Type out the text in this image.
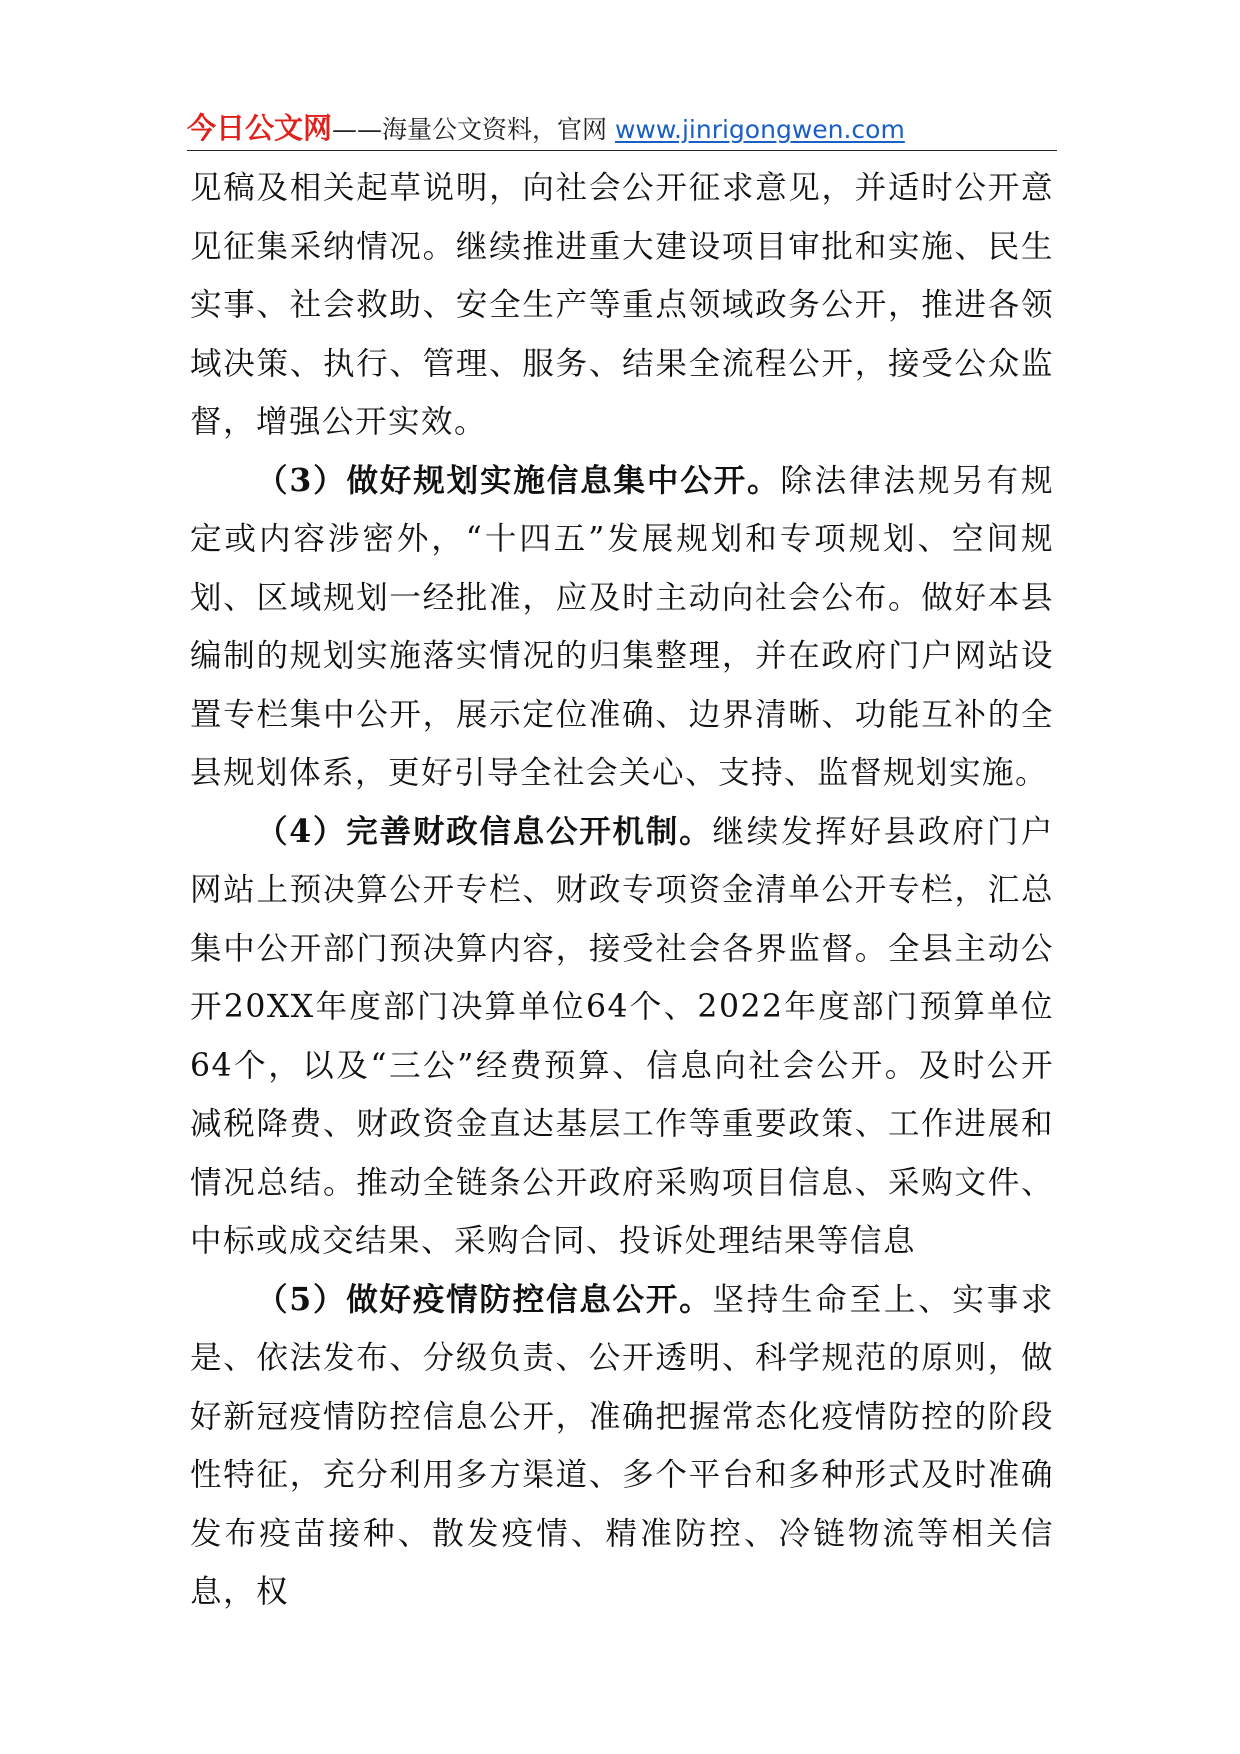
今日公文网——海量公文资料，官网 www.jinrigongwen.com

见稿及相关起草说明，向社会公开征求意见，并适时公开意见征集采纳情况。继续推进重大建设项目审批和实施、民生实事、社会救助、安全生产等重点领域政务公开，推进各领域决策、执行、管理、服务、结果全流程公开，接受公众监督，增强公开实效。

（3）做好规划实施信息集中公开。除法律法规另有规定或内容涉密外，“十四五”发展规划和专项规划、空间规划、区域规划一经批准，应及时主动向社会公布。做好本县编制的规划实施落实情况的归集整理，并在政府门户网站设置专栏集中公开，展示定位准确、边界清晰、功能互补的全县规划体系，更好引导全社会关心、支持、监督规划实施。

（4）完善财政信息公开机制。继续发挥好县政府门户网站上预决算公开专栏、财政专项资金清单公开专栏，汇总集中公开部门预决算内容，接受社会各界监督。全县主动公开20XX年度部门决算单位64个、2022年度部门预算单位64个，以及“三公”经费预算、信息向社会公开。及时公开减税降费、财政资金直达基层工作等重要政策、工作进展和情况总结。推动全链条公开政府采购项目信息、采购文件、中标或成交结果、采购合同、投诉处理结果等信息

（5）做好疫情防控信息公开。坚持生命至上、实事求是、依法发布、分级负责、公开透明、科学规范的原则，做好新冠疫情防控信息公开，准确把握常态化疫情防控的阶段性特征，充分利用多方渠道、多个平台和多种形式及时准确发布疫苗接种、散发疫情、精准防控、冷链物流等相关信息，权
